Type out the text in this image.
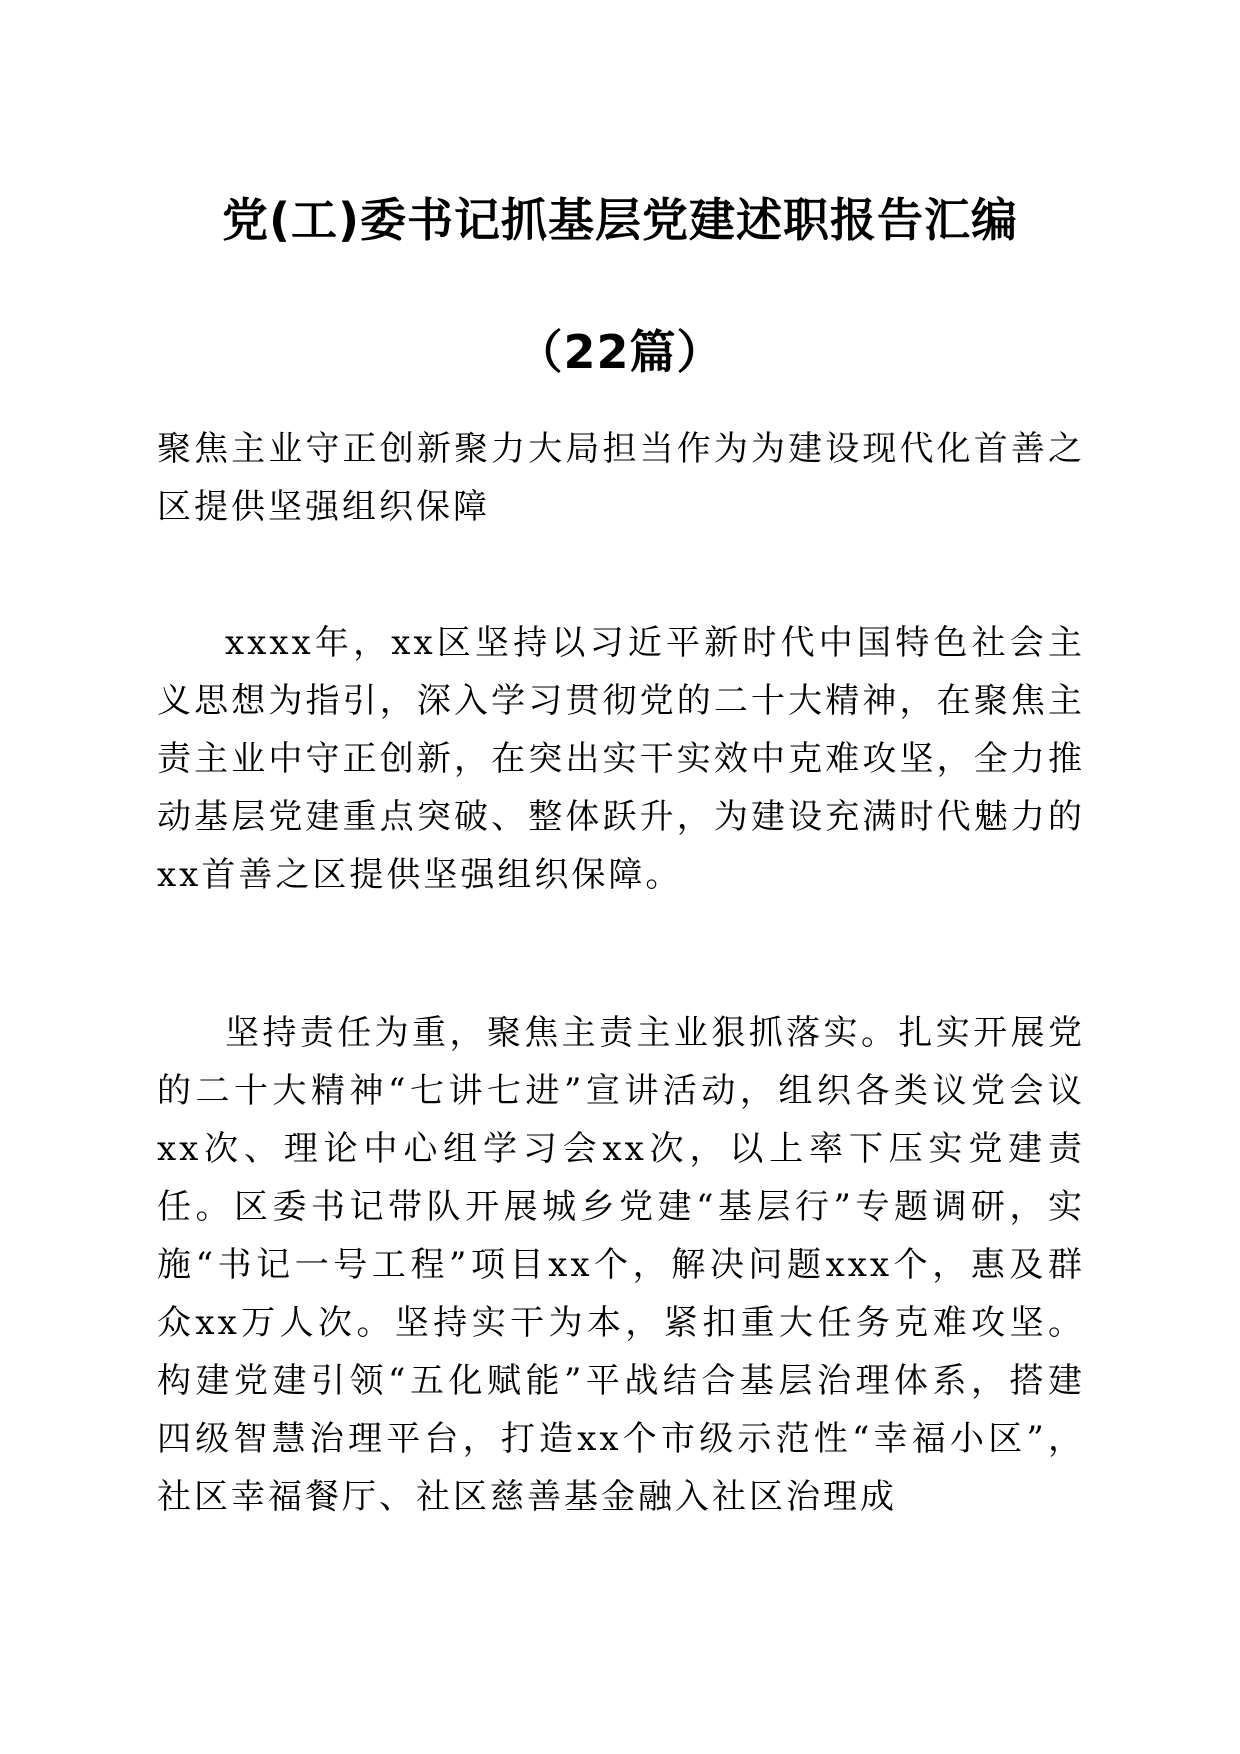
党(工)委书记抓基层党建述职报告汇编
（22篇）

聚焦主业守正创新聚力大局担当作为为建设现代化首善之区提供坚强组织保障

xxxx年，xx区坚持以习近平新时代中国特色社会主义思想为指引，深入学习贯彻党的二十大精神，在聚焦主责主业中守正创新，在突出实干实效中克难攻坚，全力推动基层党建重点突破、整体跃升，为建设充满时代魅力的xx首善之区提供坚强组织保障。

坚持责任为重，聚焦主责主业狠抓落实。扎实开展党的二十大精神“七讲七进”宣讲活动，组织各类议党会议xx次、理论中心组学习会xx次，以上率下压实党建责任。区委书记带队开展城乡党建“基层行”专题调研，实施“书记一号工程”项目xx个，解决问题xxx个，惠及群众xx万人次。坚持实干为本，紧扣重大任务克难攻坚。构建党建引领“五化赋能”平战结合基层治理体系，搭建四级智慧治理平台，打造xx个市级示范性“幸福小区”，社区幸福餐厅、社区慈善基金融入社区治理成
